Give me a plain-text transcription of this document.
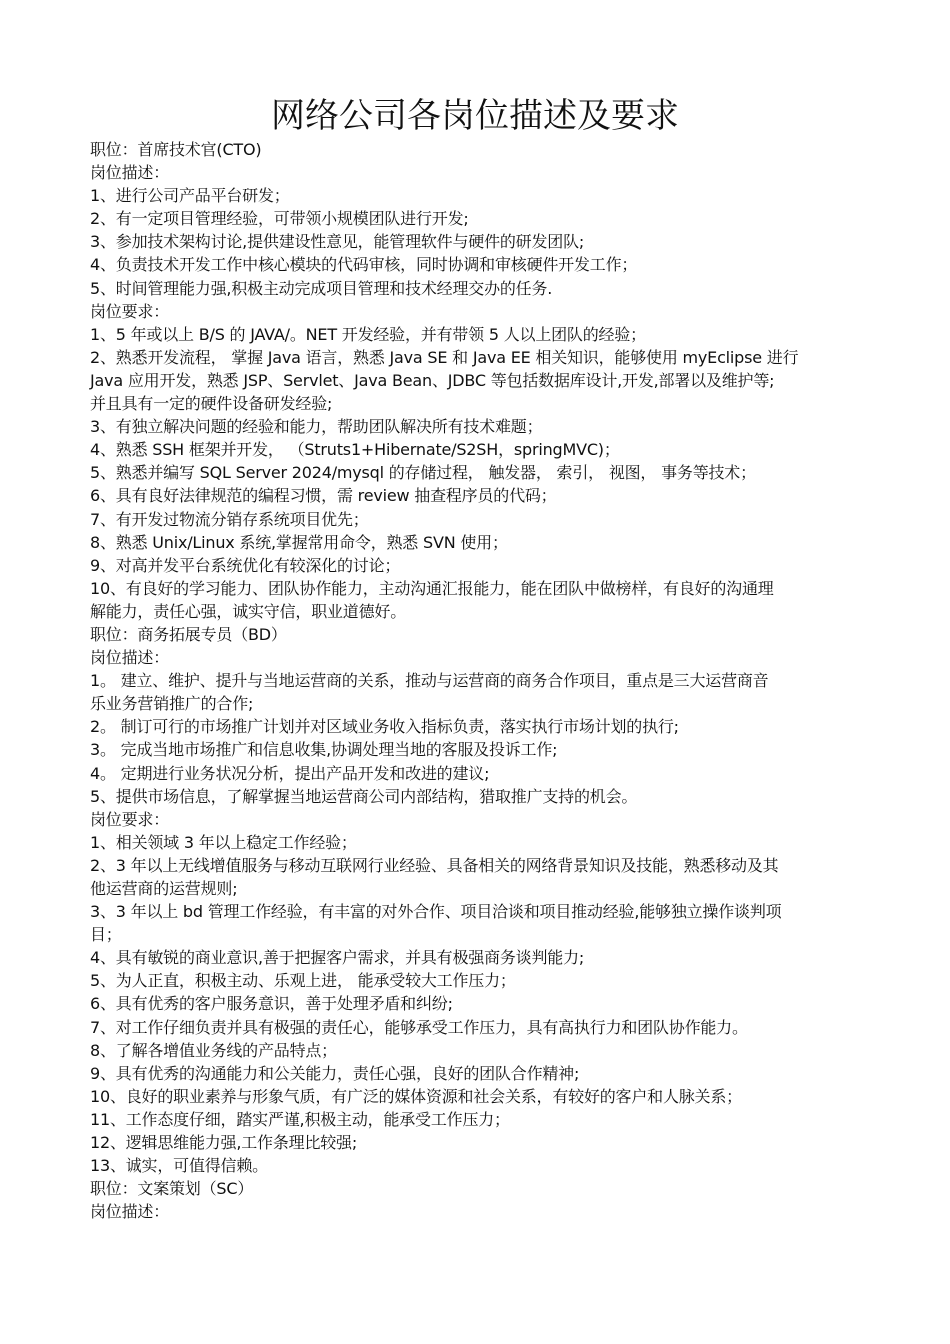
网络公司各岗位描述及要求
职位：首席技术官(CTO)
岗位描述：
1、进行公司产品平台研发；
2、有一定项目管理经验，可带领小规模团队进行开发;
3、参加技术架构讨论,提供建设性意见，能管理软件与硬件的研发团队;
4、负责技术开发工作中核心模块的代码审核，同时协调和审核硬件开发工作；
5、时间管理能力强,积极主动完成项目管理和技术经理交办的任务.
岗位要求：
1、5 年或以上 B/S 的 JAVA/。NET 开发经验，并有带领 5 人以上团队的经验；
2、熟悉开发流程， 掌握 Java 语言，熟悉 Java SE 和 Java EE 相关知识，能够使用 myEclipse 进行
Java 应用开发，熟悉 JSP、Servlet、Java Bean、JDBC 等包括数据库设计,开发,部署以及维护等;
并且具有一定的硬件设备研发经验;
3、有独立解决问题的经验和能力，帮助团队解决所有技术难题；
4、熟悉 SSH 框架并开发， （Struts1+Hibernate/S2SH，springMVC)；
5、熟悉并编写 SQL Server 2024/mysql 的存储过程， 触发器， 索引， 视图， 事务等技术；
6、具有良好法律规范的编程习惯，需 review 抽查程序员的代码；
7、有开发过物流分销存系统项目优先；
8、熟悉 Unix/Linux 系统,掌握常用命令，熟悉 SVN 使用；
9、对高并发平台系统优化有较深化的讨论；
10、有良好的学习能力、团队协作能力，主动沟通汇报能力，能在团队中做榜样，有良好的沟通理
解能力，责任心强，诚实守信，职业道德好。
职位：商务拓展专员（BD）
岗位描述：
1。 建立、维护、提升与当地运营商的关系，推动与运营商的商务合作项目，重点是三大运营商音
乐业务营销推广的合作;
2。 制订可行的市场推广计划并对区域业务收入指标负责，落实执行市场计划的执行;
3。 完成当地市场推广和信息收集,协调处理当地的客服及投诉工作;
4。 定期进行业务状况分析，提出产品开发和改进的建议;
5、提供市场信息，了解掌握当地运营商公司内部结构，猎取推广支持的机会。
岗位要求：
1、相关领域 3 年以上稳定工作经验；
2、3 年以上无线增值服务与移动互联网行业经验、具备相关的网络背景知识及技能，熟悉移动及其
他运营商的运营规则;
3、3 年以上 bd 管理工作经验，有丰富的对外合作、项目洽谈和项目推动经验,能够独立操作谈判项
目；
4、具有敏锐的商业意识,善于把握客户需求，并具有极强商务谈判能力;
5、为人正直，积极主动、乐观上进， 能承受较大工作压力；
6、具有优秀的客户服务意识，善于处理矛盾和纠纷;
7、对工作仔细负责并具有极强的责任心，能够承受工作压力，具有高执行力和团队协作能力。
8、了解各增值业务线的产品特点；
9、具有优秀的沟通能力和公关能力，责任心强，良好的团队合作精神;
10、良好的职业素养与形象气质，有广泛的媒体资源和社会关系，有较好的客户和人脉关系；
11、工作态度仔细，踏实严谨,积极主动，能承受工作压力；
12、逻辑思维能力强,工作条理比较强;
13、诚实，可值得信赖。
职位：文案策划（SC）
岗位描述：
